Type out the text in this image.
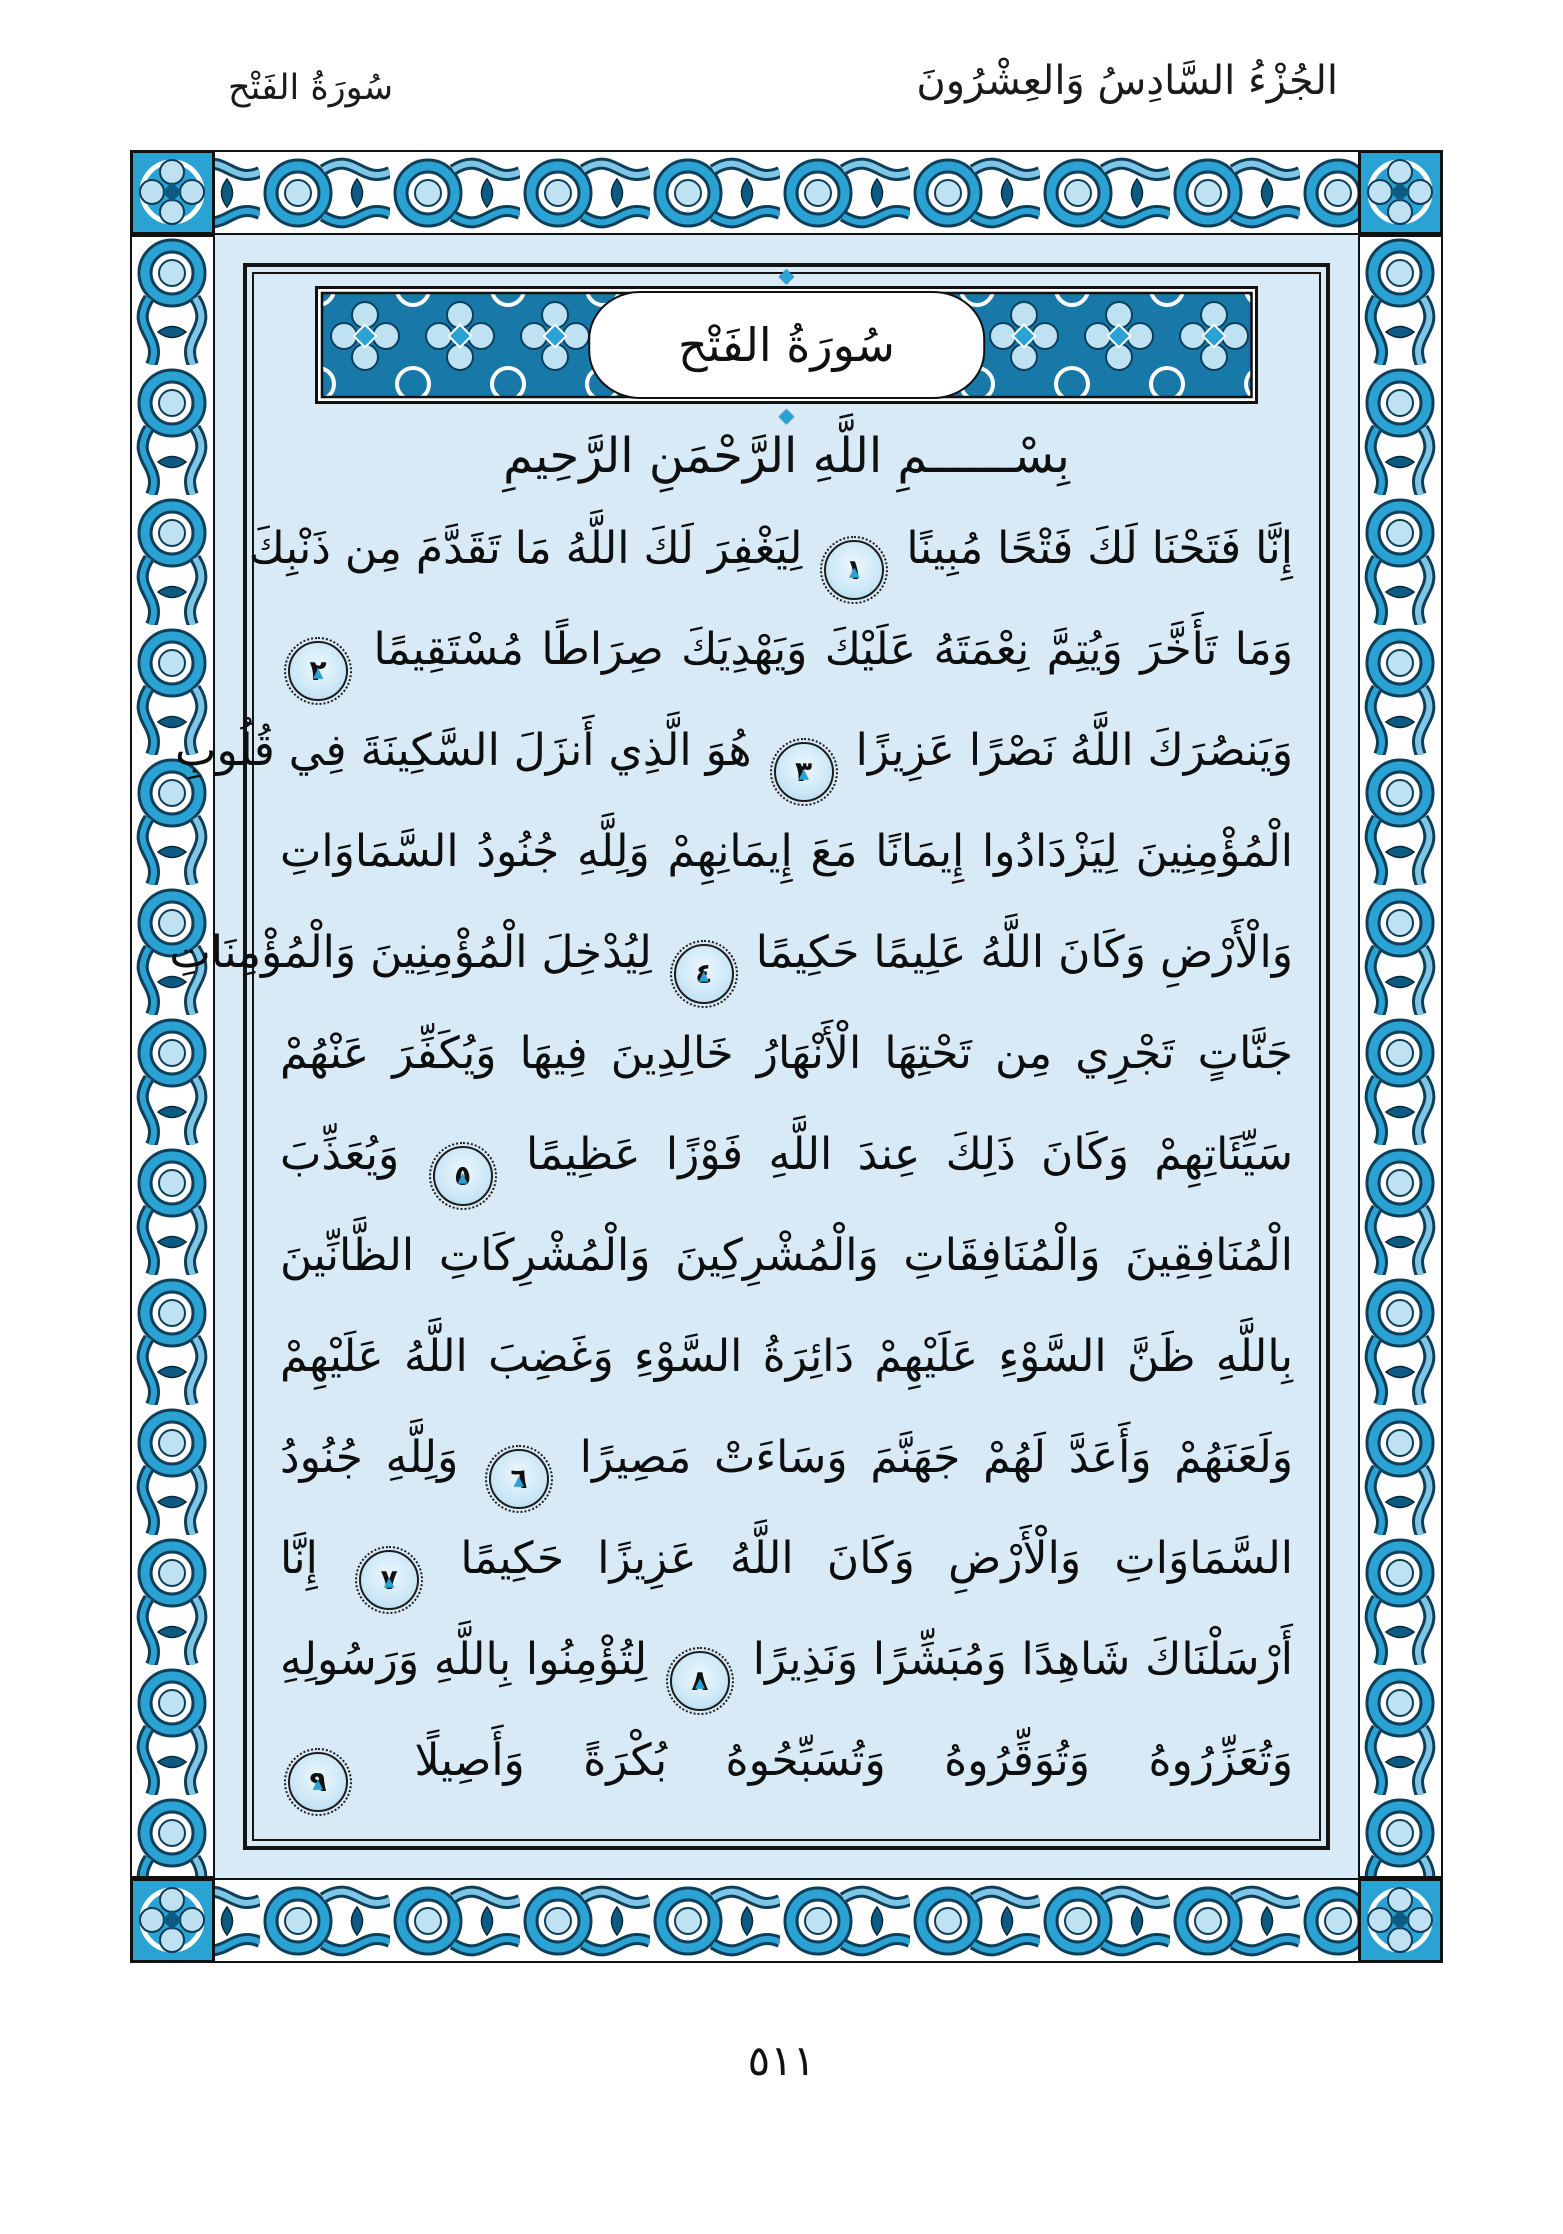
سُورَةُ الفَتْح	الجُزْءُ السَّادِسُ وَالعِشْرُونَ
◆ سُورَةُ الفَتْح
◆
بِسْــــــمِ اللَّهِ الرَّحْمَنِ الرَّحِيمِ
إِنَّا فَتَحْنَا لَكَ فَتْحًا مُبِينًا ▲ ١ لِيَغْفِرَ لَكَ اللَّهُ مَا تَقَدَّمَ مِن ذَنْبِكَ
وَمَا تَأَخَّرَ وَيُتِمَّ نِعْمَتَهُ عَلَيْكَ وَيَهْدِيَكَ صِرَاطًا مُسْتَقِيمًا ▲ ٢
وَيَنصُرَكَ اللَّهُ نَصْرًا عَزِيزًا ▲ ٣ هُوَ الَّذِي أَنزَلَ السَّكِينَةَ فِي قُلُوبِ
الْمُؤْمِنِينَ لِيَزْدَادُوا إِيمَانًا مَعَ إِيمَانِهِمْ وَلِلَّهِ جُنُودُ السَّمَاوَاتِ
وَالْأَرْضِ وَكَانَ اللَّهُ عَلِيمًا حَكِيمًا ▲ ٤ لِيُدْخِلَ الْمُؤْمِنِينَ وَالْمُؤْمِنَاتِ
جَنَّاتٍ تَجْرِي مِن تَحْتِهَا الْأَنْهَارُ خَالِدِينَ فِيهَا وَيُكَفِّرَ عَنْهُمْ
سَيِّئَاتِهِمْ وَكَانَ ذَلِكَ عِندَ اللَّهِ فَوْزًا عَظِيمًا ▲ ٥ وَيُعَذِّبَ
الْمُنَافِقِينَ وَالْمُنَافِقَاتِ وَالْمُشْرِكِينَ وَالْمُشْرِكَاتِ الظَّانِّينَ
بِاللَّهِ ظَنَّ السَّوْءِ عَلَيْهِمْ دَائِرَةُ السَّوْءِ وَغَضِبَ اللَّهُ عَلَيْهِمْ
وَلَعَنَهُمْ وَأَعَدَّ لَهُمْ جَهَنَّمَ وَسَاءَتْ مَصِيرًا ▲ ٦ وَلِلَّهِ جُنُودُ
السَّمَاوَاتِ وَالْأَرْضِ وَكَانَ اللَّهُ عَزِيزًا حَكِيمًا ▲ ٧ إِنَّا
أَرْسَلْنَاكَ شَاهِدًا وَمُبَشِّرًا وَنَذِيرًا ▲ ٨ لِتُؤْمِنُوا بِاللَّهِ وَرَسُولِهِ
وَتُعَزِّرُوهُ وَتُوَقِّرُوهُ وَتُسَبِّحُوهُ بُكْرَةً وَأَصِيلًا ▲ ٩
٥١١
